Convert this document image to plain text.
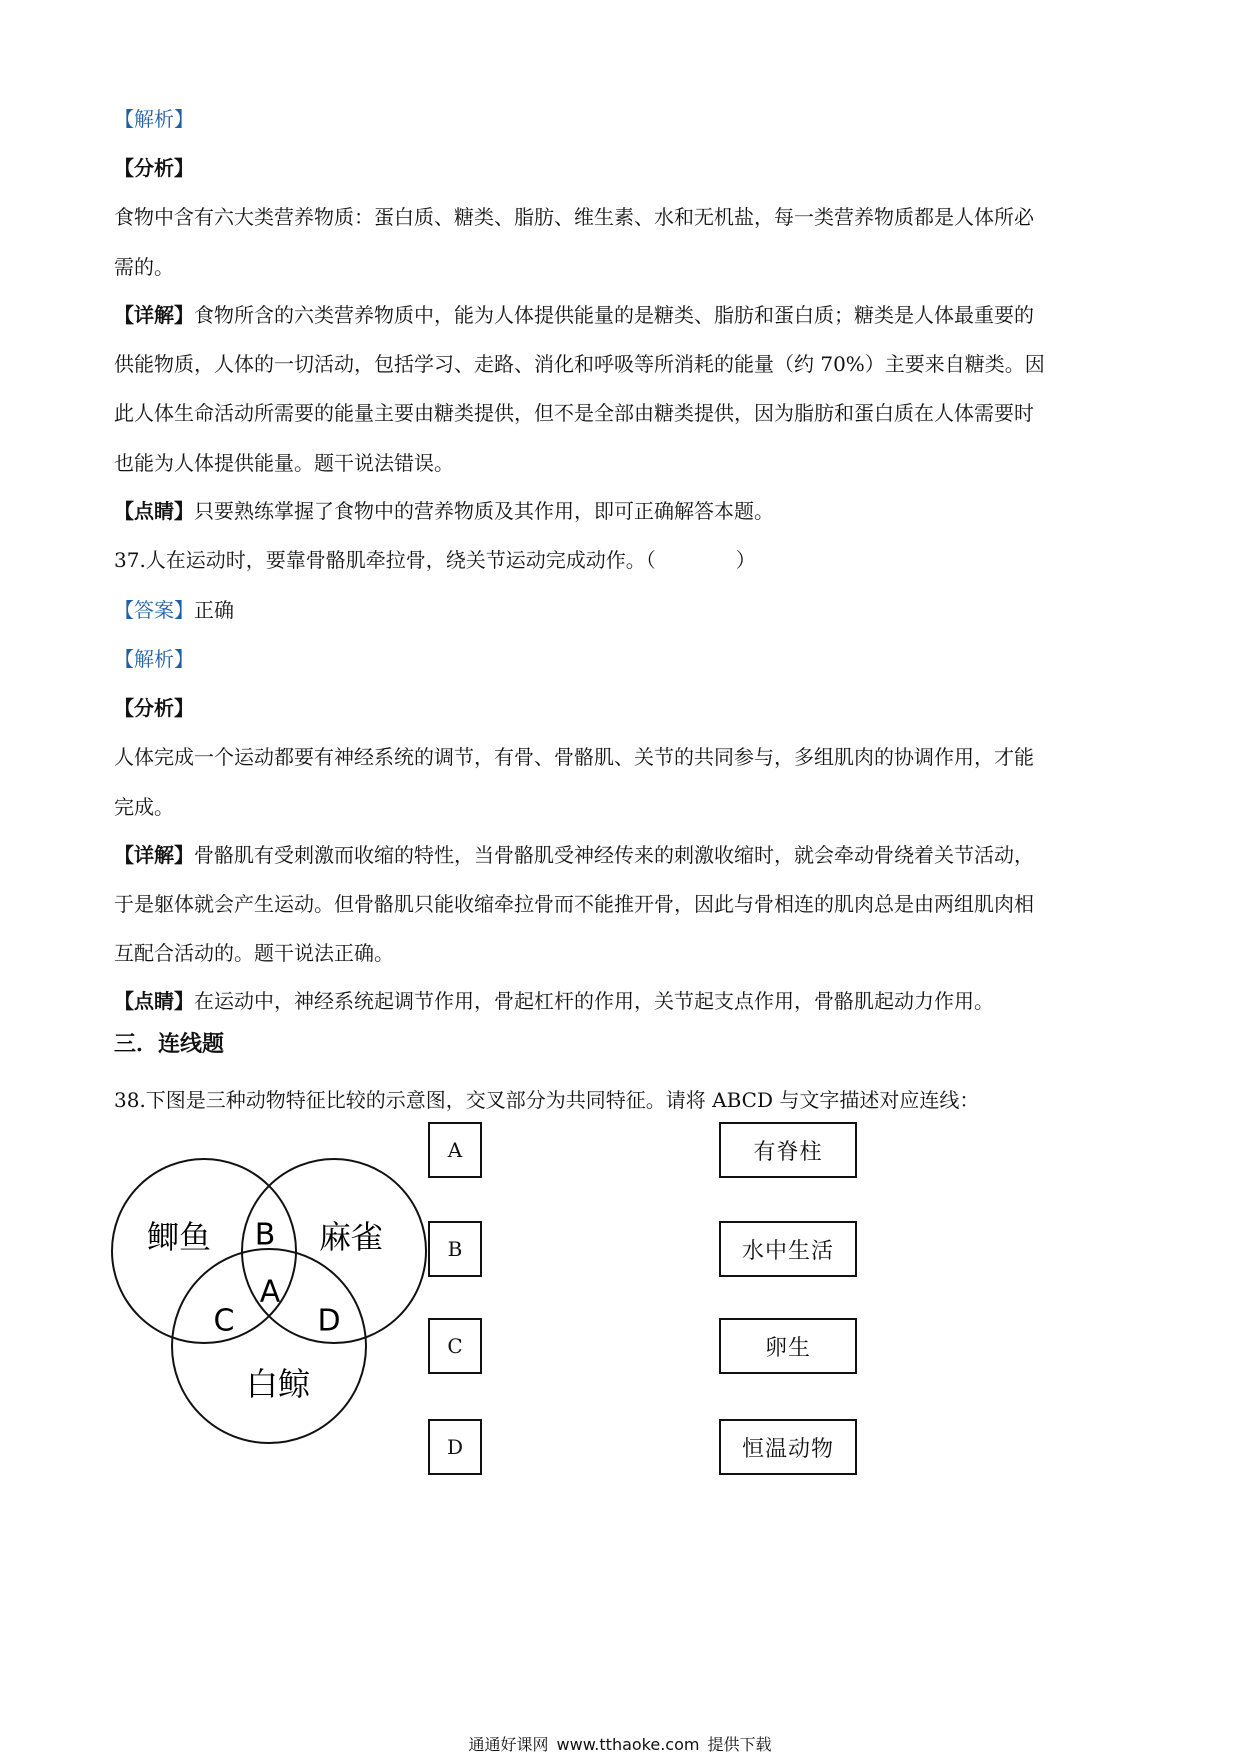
【解析】
【分析】
食物中含有六大类营养物质：蛋白质、糖类、脂肪、维生素、水和无机盐，每一类营养物质都是人体所必
需的。
【详解】食物所含的六类营养物质中，能为人体提供能量的是糖类、脂肪和蛋白质；糖类是人体最重要的
供能物质，人体的一切活动，包括学习、走路、消化和呼吸等所消耗的能量（约 70%）主要来自糖类。因
此人体生命活动所需要的能量主要由糖类提供，但不是全部由糖类提供，因为脂肪和蛋白质在人体需要时
也能为人体提供能量。题干说法错误。
【点睛】只要熟练掌握了食物中的营养物质及其作用，即可正确解答本题。
37.人在运动时，要靠骨骼肌牵拉骨，绕关节运动完成动作。（　　　　）
【答案】正确
【解析】
【分析】
人体完成一个运动都要有神经系统的调节，有骨、骨骼肌、关节的共同参与，多组肌肉的协调作用，才能
完成。
【详解】骨骼肌有受刺激而收缩的特性，当骨骼肌受神经传来的刺激收缩时，就会牵动骨绕着关节活动，
于是躯体就会产生运动。但骨骼肌只能收缩牵拉骨而不能推开骨，因此与骨相连的肌肉总是由两组肌肉相
互配合活动的。题干说法正确。
【点睛】在运动中，神经系统起调节作用，骨起杠杆的作用，关节起支点作用，骨骼肌起动力作用。
三．连线题
38.下图是三种动物特征比较的示意图，交叉部分为共同特征。请将 ABCD 与文字描述对应连线：
鲫鱼	麻雀
白鲸
B
A
C	D
A
B
C
D
有脊柱
水中生活
卵生
恒温动物
通通好课网 www.tthaoke.com 提供下载
